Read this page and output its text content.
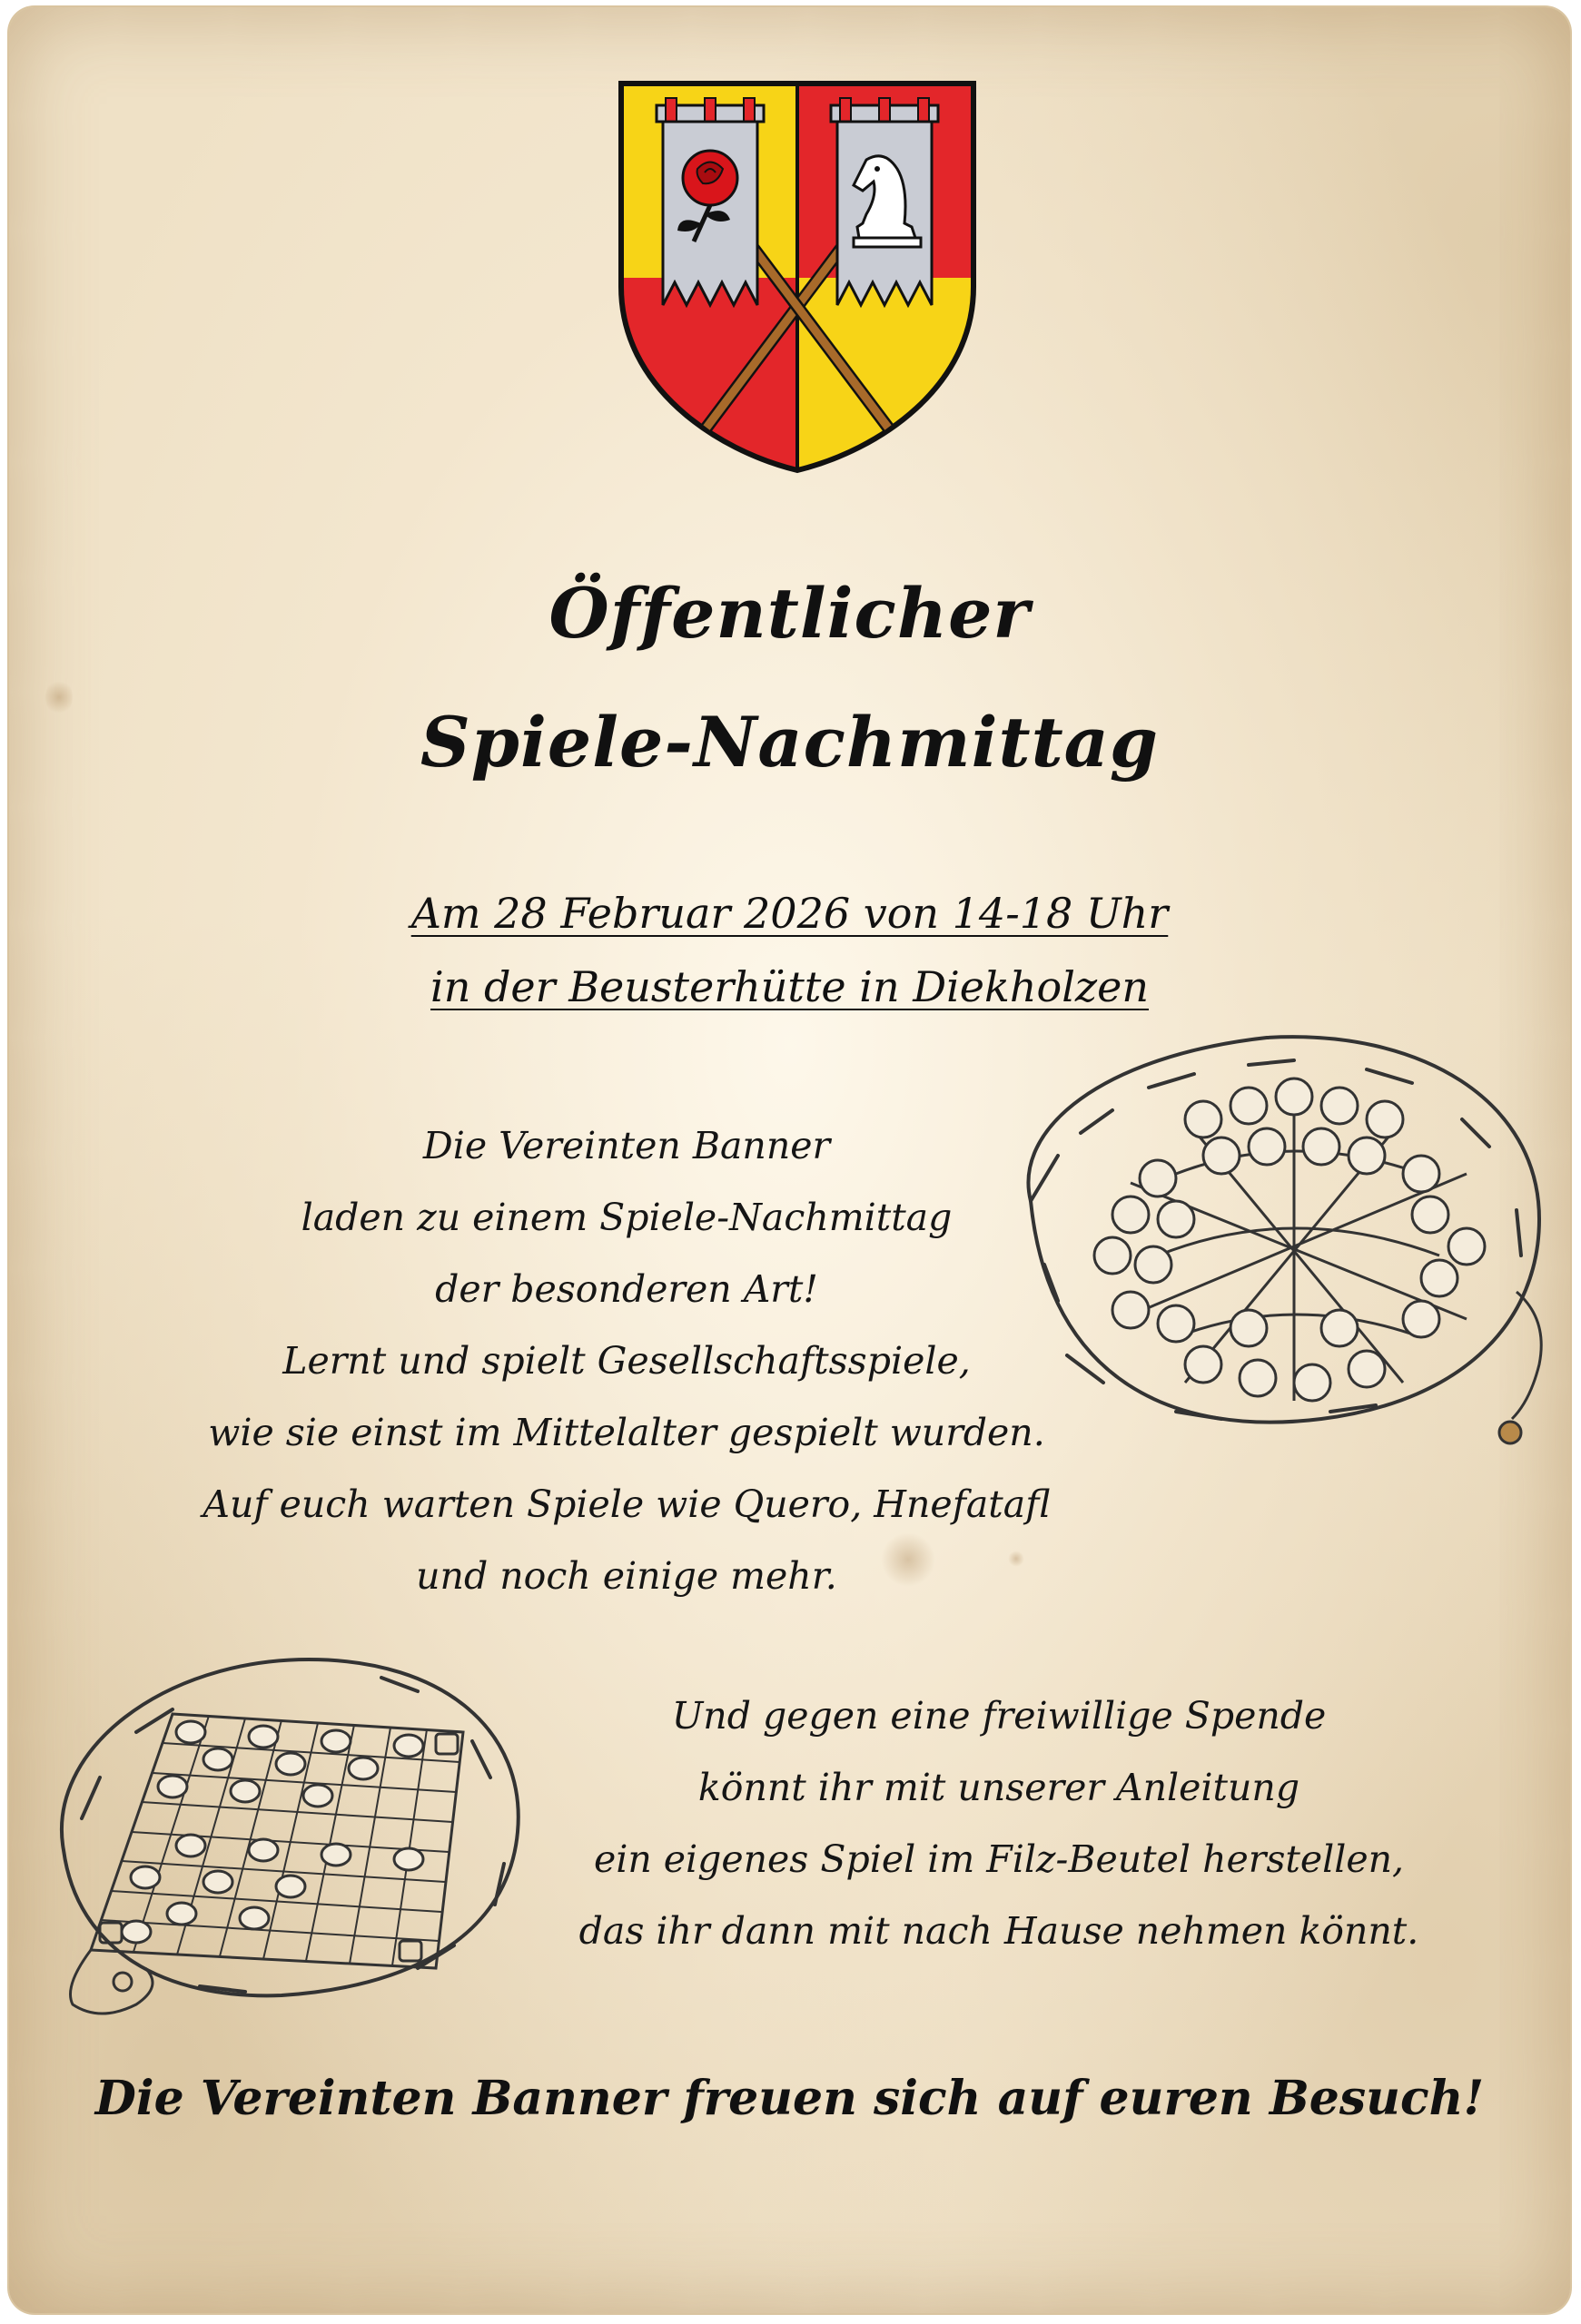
Öffentlicher
Spiele-Nachmittag
Am 28 Februar 2026 von 14-18 Uhr
in der Beusterhütte in Diekholzen
Die Vereinten Banner
laden zu einem Spiele-Nachmittag
der besonderen Art!
Lernt und spielt Gesellschaftsspiele,
wie sie einst im Mittelalter gespielt wurden.
Auf euch warten Spiele wie Quero, Hnefatafl
und noch einige mehr.
Und gegen eine freiwillige Spende
könnt ihr mit unserer Anleitung
ein eigenes Spiel im Filz-Beutel herstellen,
das ihr dann mit nach Hause nehmen könnt.
Die Vereinten Banner freuen sich auf euren Besuch!
